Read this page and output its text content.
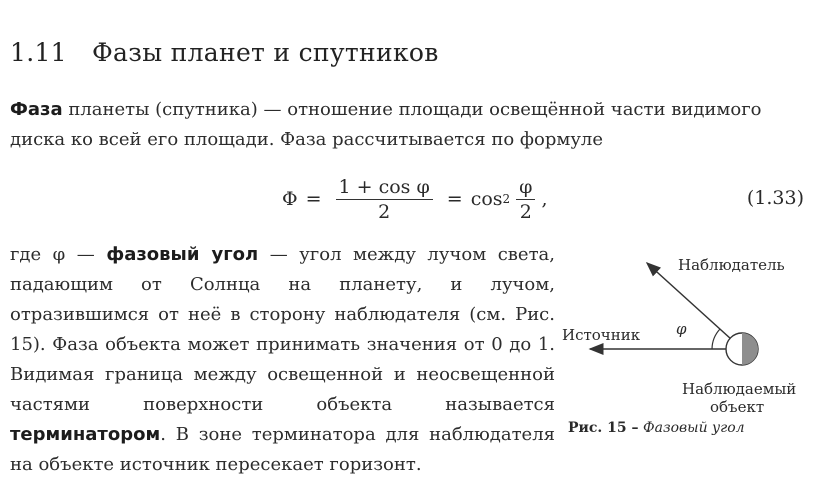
1.11 Фазы планет и спутников
Фаза планеты (спутника) — отношение площади освещённой части видимого диска ко всей его площади. Фаза рассчитывается по формуле
$\Phi = \frac{\text{1 + cos φ}}{2} = \cos 2 \frac{\varphi}{2}$ ,	(1.33)
где φ — фазовый угол — угол между лучом света, падающим от Солнца на планету, и лучом, отразившимся от неё в сторону наблюдателя (см. Рис. 15). Фаза объекта может принимать значения от 0 до 1. Видимая граница между освещенной и неосвещенной частями поверхности объекта называется терминатором. В зоне терминатора для наблюдателя на объекте источник пересекает горизонт.
Наблюдатель
Источник φ
Наблюдаемый
объект
Рис. 15 – Фазовый угол
